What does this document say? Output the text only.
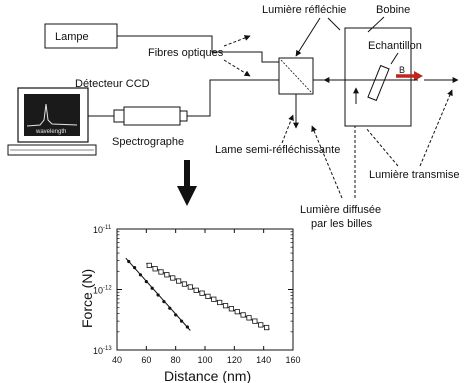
Lampe
Fibres optiques
wavelength
Détecteur CCD
Spectrographe
Lame semi-réfléchissante
Bobine
Echantillon
B
Lumière réfléchie
Lumière transmise
Lumière diffusée
par les billes
40 60 80 100 120 140 160
$10^{-11}$
$10^{-12}$
$10^{-13}$
Distance (nm)
Force (N)
